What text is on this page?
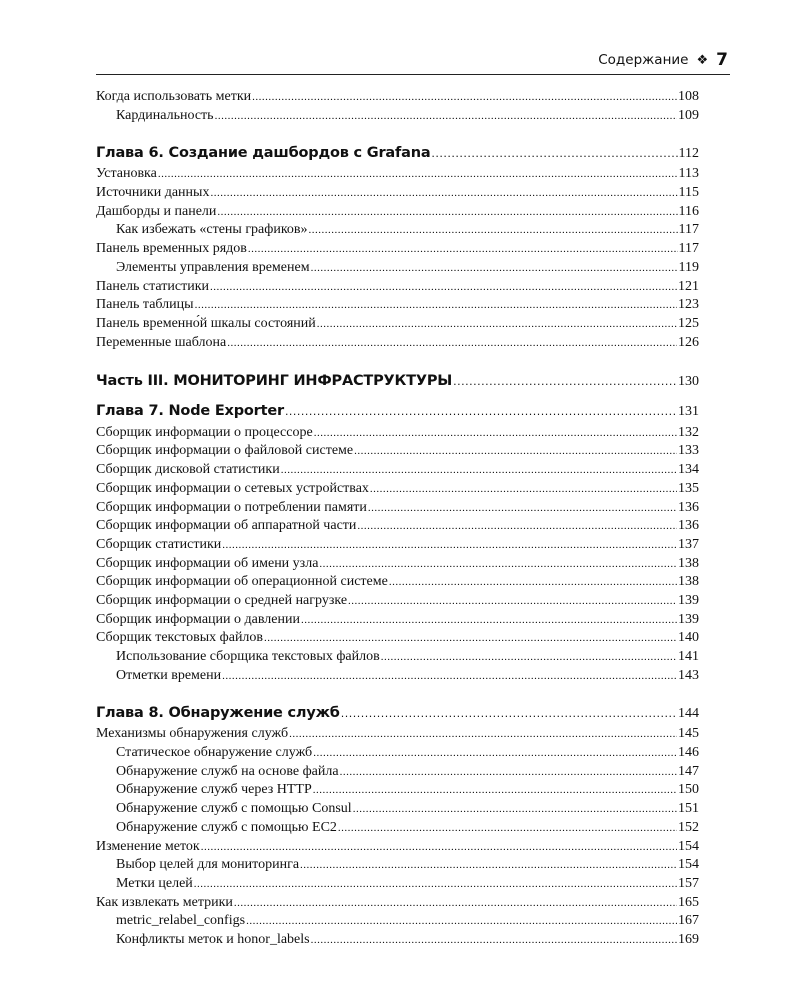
Содержание ❖ 7
Когда использовать метки .....	108
Кардинальность .....	109
Глава 6. Создание дашбордов с Grafana .....	112
Установка .....	113
Источники данных .....	115
Дашборды и панели .....	116
Как избежать «стены графиков» .....	117
Панель временных рядов .....	117
Элементы управления временем .....	119
Панель статистики .....	121
Панель таблицы .....	123
Панель временно́й шкалы состояний .....	125
Переменные шаблона .....	126
Часть III. МОНИТОРИНГ ИНФРАСТРУКТУРЫ .....	130
Глава 7. Node Exporter .....	131
Сборщик информации о процессоре .....	132
Сборщик информации о файловой системе .....	133
Сборщик дисковой статистики .....	134
Сборщик информации о сетевых устройствах .....	135
Сборщик информации о потреблении памяти .....	136
Сборщик информации об аппаратной части .....	136
Сборщик статистики .....	137
Сборщик информации об имени узла .....	138
Сборщик информации об операционной системе .....	138
Сборщик информации о средней нагрузке .....	139
Сборщик информации о давлении .....	139
Сборщик текстовых файлов .....	140
Использование сборщика текстовых файлов .....	141
Отметки времени .....	143
Глава 8. Обнаружение служб .....	144
Механизмы обнаружения служб .....	145
Статическое обнаружение служб .....	146
Обнаружение служб на основе файла .....	147
Обнаружение служб через HTTP .....	150
Обнаружение служб с помощью Consul .....	151
Обнаружение служб с помощью EC2 .....	152
Изменение меток .....	154
Выбор целей для мониторинга .....	154
Метки целей .....	157
Как извлекать метрики .....	165
metric_relabel_configs .....	167
Конфликты меток и honor_labels .....	169
